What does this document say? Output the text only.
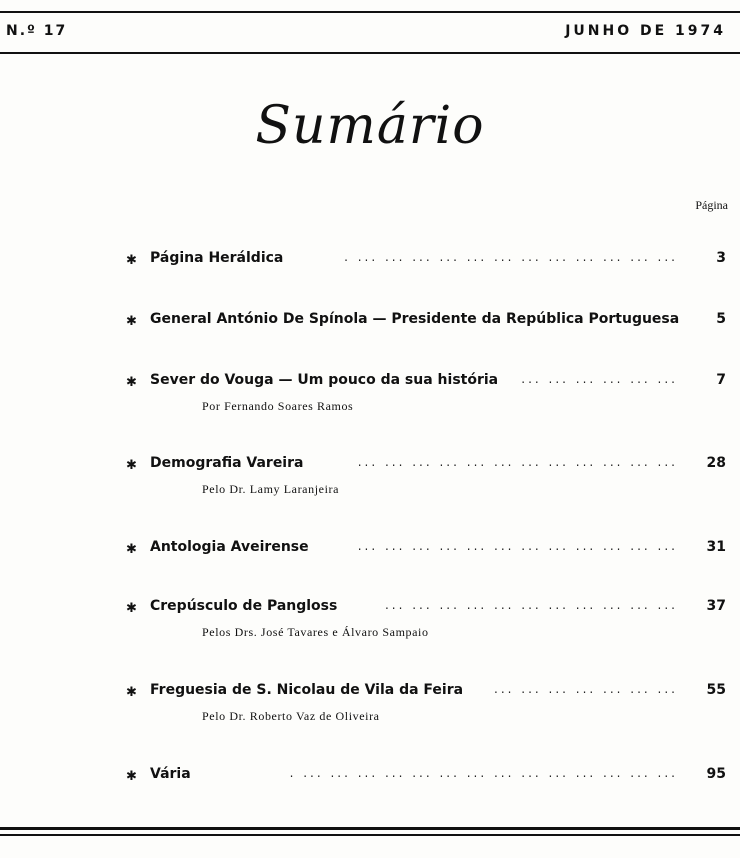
N.º 17	JUNHO DE 1974
Sumário
Página
✱ Página Heráldica	. ... ... ... ... ... ... ... ... ... ... ... ...	3
✱ General António De Spínola — Presidente da República Portuguesa	5
✱ Sever do Vouga — Um pouco da sua história ... ... ... ... ... ...	7
Por Fernando Soares Ramos
✱ Demografia Vareira	... ... ... ... ... ... ... ... ... ... ... ... 28
Pelo Dr. Lamy Laranjeira
✱ Antologia Aveirense	... ... ... ... ... ... ... ... ... ... ... ... 31
✱ Crepúsculo de Pangloss	... ... ... ... ... ... ... ... ... ... ... 37
Pelos Drs. José Tavares e Álvaro Sampaio
✱ Freguesia de S. Nicolau de Vila da Feira	... ... ... ... ... ... ... 55
Pelo Dr. Roberto Vaz de Oliveira
✱ Vária	. ... ... ... ... ... ... ... ... ... ... ... ... ... ... 95
